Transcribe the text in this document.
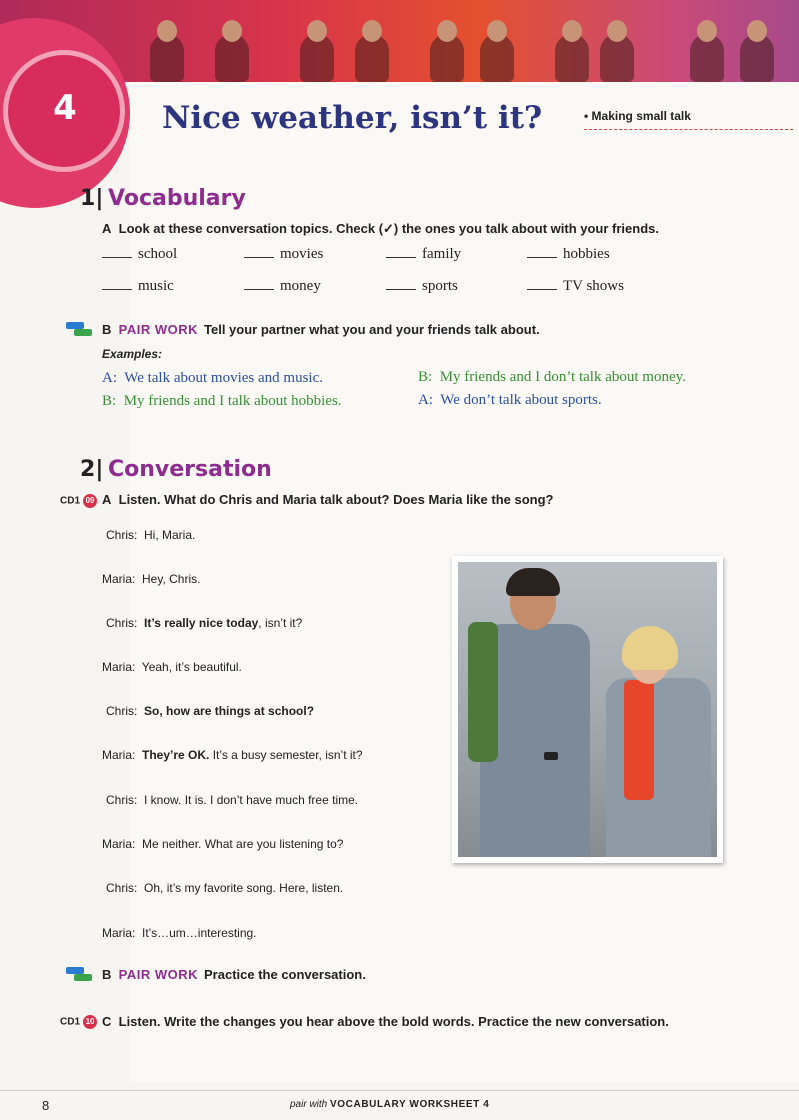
4	Nice weather, isn’t it?	• Making small talk
1| Vocabulary
A Look at these conversation topics. Check (✓) the ones you talk about with your friends.
school	movies	family	hobbies
music	money	sports	TV shows
B PAIR WORK Tell your partner what you and your friends talk about.
Examples:
A: We talk about movies and music.	B: My friends and I don’t talk about money.
B: My friends and I talk about hobbies.	A: We don’t talk about sports.
2| Conversation
CD1 09 A Listen. What do Chris and Maria talk about? Does Maria like the song?
Chris: Hi, Maria.
Maria: Hey, Chris.
Chris: It’s really nice today, isn’t it?
Maria: Yeah, it’s beautiful.
Chris: So, how are things at school?
Maria: They’re OK. It’s a busy semester, isn’t it?
Chris: I know. It is. I don’t have much free time.
Maria: Me neither. What are you listening to?
Chris: Oh, it’s my favorite song. Here, listen.
Maria: It’s…um…interesting.
B PAIR WORK Practice the conversation.
CD1 10 C Listen. Write the changes you hear above the bold words. Practice the new conversation.
8	pair with VOCABULARY WORKSHEET 4
